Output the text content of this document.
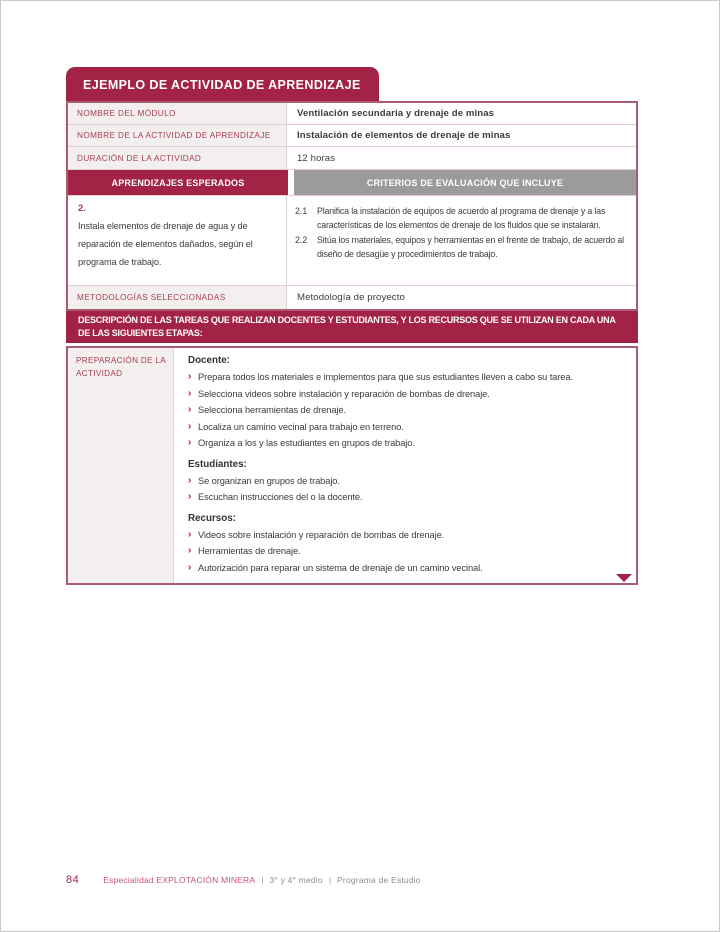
EJEMPLO DE ACTIVIDAD DE APRENDIZAJE
NOMBRE DEL MÓDULO	Ventilación secundaria y drenaje de minas
NOMBRE DE LA ACTIVIDAD DE APRENDIZAJE	Instalación de elementos de drenaje de minas
DURACIÓN DE LA ACTIVIDAD	12 horas
APRENDIZAJES ESPERADOS	CRITERIOS DE EVALUACIÓN QUE INCLUYE
2.
Instala elementos de drenaje de agua y de reparación de elementos dañados, según el programa de trabajo.
2.1	Planifica la instalación de equipos de acuerdo al programa de drenaje y a las características de los elementos de drenaje de los fluidos que se instalarán.
2.2	Sitúa los materiales, equipos y herramientas en el frente de trabajo, de acuerdo al diseño de desagüe y procedimientos de trabajo.
METODOLOGÍAS SELECCIONADAS	Metodología de proyecto
DESCRIPCIÓN DE LAS TAREAS QUE REALIZAN DOCENTES Y ESTUDIANTES, Y LOS RECURSOS QUE SE UTILIZAN EN CADA UNA DE LAS SIGUIENTES ETAPAS:
PREPARACIÓN DE LA ACTIVIDAD
Docente:
› Prepara todos los materiales e implementos para que sus estudiantes lleven a cabo su tarea.
› Selecciona videos sobre instalación y reparación de bombas de drenaje.
› Selecciona herramientas de drenaje.
› Localiza un camino vecinal para trabajo en terreno.
› Organiza a los y las estudiantes en grupos de trabajo.
Estudiantes:
› Se organizan en grupos de trabajo.
› Escuchan instrucciones del o la docente.
Recursos:
› Videos sobre instalación y reparación de bombas de drenaje.
› Herramientas de drenaje.
› Autorización para reparar un sistema de drenaje de un camino vecinal.
84	Especialidad EXPLOTACIÓN MINERA | 3° y 4° medio | Programa de Estudio
